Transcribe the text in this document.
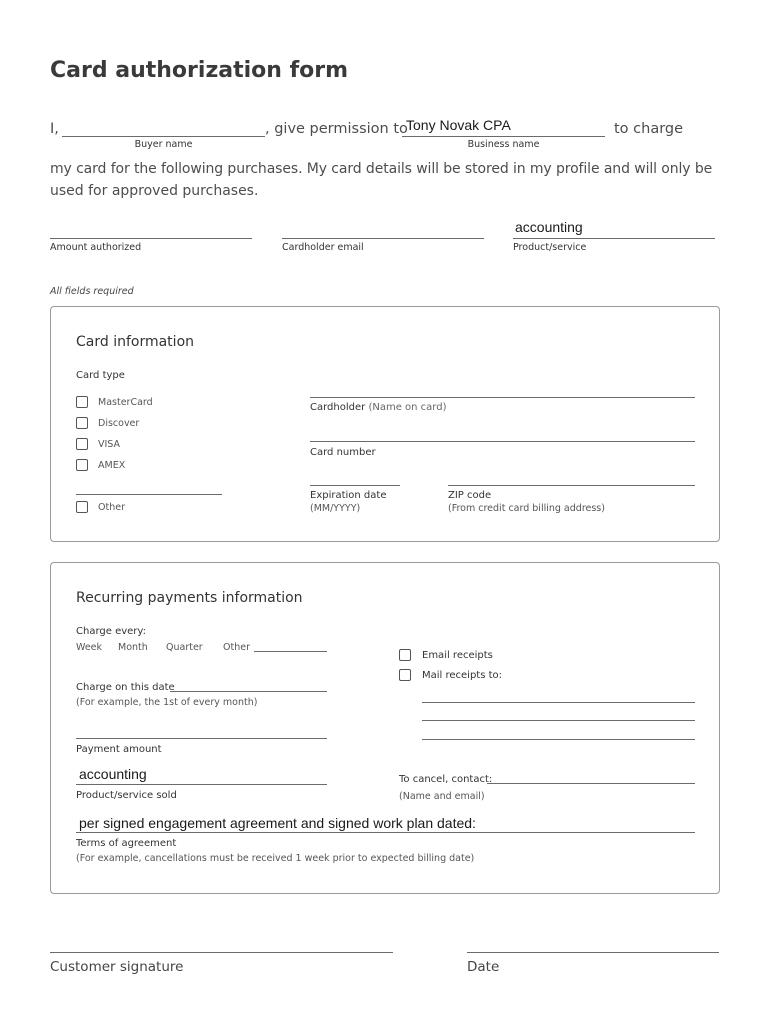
Card authorization form
I,
Buyer name
, give permission to
Tony Novak CPA
Business name
to charge
my card for the following purchases. My card details will be stored in my profile and will only be
used for approved purchases.
Amount authorized	Cardholder email
accounting
Product/service
All fields required
Card information
Card type
MasterCard
Discover
VISA
AMEX
Other
Cardholder (Name on card)
Card number
Expiration date
(MM/YYYY)
ZIP code
(From credit card billing address)
Recurring payments information
Charge every:
Week Month Quarter Other
Charge on this date
(For example, the 1st of every month)
Payment amount
accounting
Product/service sold
Email receipts
Mail receipts to:
To cancel, contact:
(Name and email)
per signed engagement agreement and signed work plan dated:
Terms of agreement
(For example, cancellations must be received 1 week prior to expected billing date)
Customer signature	Date
